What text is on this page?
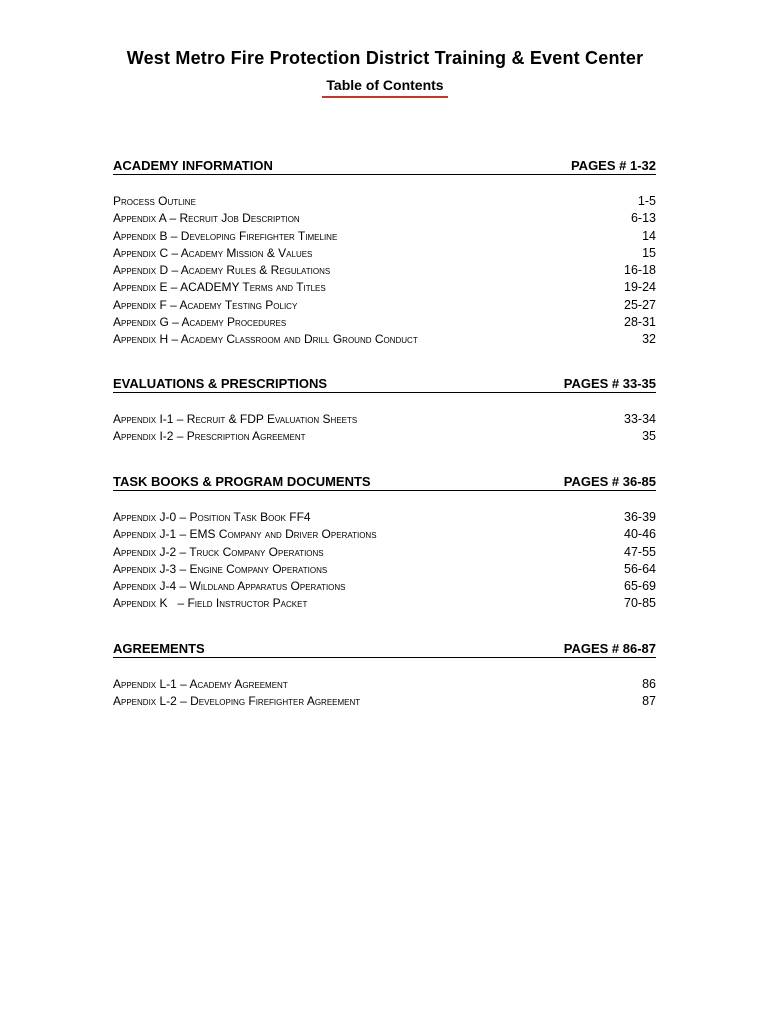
West Metro Fire Protection District Training & Event Center
Table of Contents
ACADEMY INFORMATION	PAGES # 1-32
Process Outline	1-5
Appendix A – Recruit Job Description	6-13
Appendix B – Developing Firefighter Timeline	14
Appendix C – Academy Mission & Values	15
Appendix D – Academy Rules & Regulations	16-18
Appendix E – ACADEMY Terms and Titles	19-24
Appendix F – Academy Testing Policy	25-27
Appendix G – Academy Procedures	28-31
Appendix H – Academy Classroom and Drill Ground Conduct	32
EVALUATIONS & PRESCRIPTIONS	PAGES # 33-35
Appendix I-1 – Recruit & FDP Evaluation Sheets	33-34
Appendix I-2 – Prescription Agreement	35
TASK BOOKS & PROGRAM DOCUMENTS	PAGES # 36-85
Appendix J-0 – Position Task Book FF4	36-39
Appendix J-1 – EMS Company and Driver Operations	40-46
Appendix J-2 – Truck Company Operations	47-55
Appendix J-3 – Engine Company Operations	56-64
Appendix J-4 – Wildland Apparatus Operations	65-69
Appendix K   – Field Instructor Packet	70-85
AGREEMENTS	PAGES # 86-87
Appendix L-1 – Academy Agreement	86
Appendix L-2 – Developing Firefighter Agreement	87
